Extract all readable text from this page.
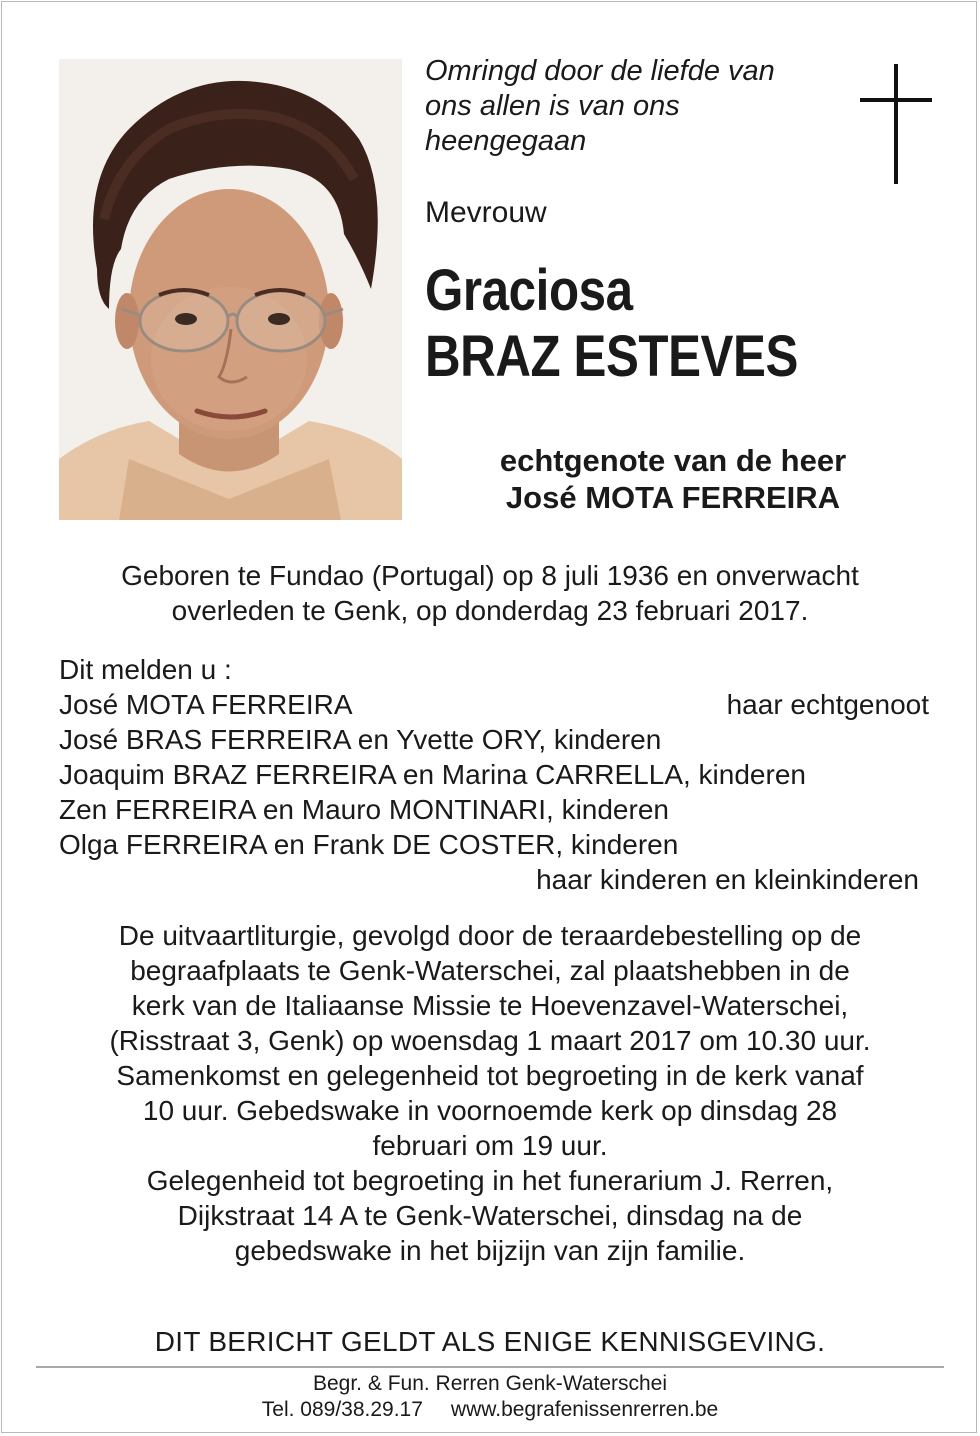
Omringd door de liefde van
ons allen is van ons
heengegaan

Mevrouw

Graciosa
BRAZ ESTEVES
echtgenote van de heer
José MOTA FERREIRA
Geboren te Fundao (Portugal) op 8 juli 1936 en onverwacht
overleden te Genk, op donderdag 23 februari 2017.
Dit melden u :
José MOTA FERREIRA	haar echtgenoot
José BRAS FERREIRA en Yvette ORY, kinderen
Joaquim BRAZ FERREIRA en Marina CARRELLA, kinderen
Zen FERREIRA en Mauro MONTINARI, kinderen
Olga FERREIRA en Frank DE COSTER, kinderen
haar kinderen en kleinkinderen
De uitvaartliturgie, gevolgd door de teraardebestelling op de
begraafplaats te Genk-Waterschei, zal plaatshebben in de
kerk van de Italiaanse Missie te Hoevenzavel-Waterschei,
(Risstraat 3, Genk) op woensdag 1 maart 2017 om 10.30 uur.
Samenkomst en gelegenheid tot begroeting in de kerk vanaf
10 uur. Gebedswake in voornoemde kerk op dinsdag 28
februari om 19 uur.
Gelegenheid tot begroeting in het funerarium J. Rerren,
Dijkstraat 14 A te Genk-Waterschei, dinsdag na de
gebedswake in het bijzijn van zijn familie.

DIT BERICHT GELDT ALS ENIGE KENNISGEVING.

Begr. & Fun. Rerren Genk-Waterschei
Tel. 089/38.29.17 www.begrafenissenrerren.be
